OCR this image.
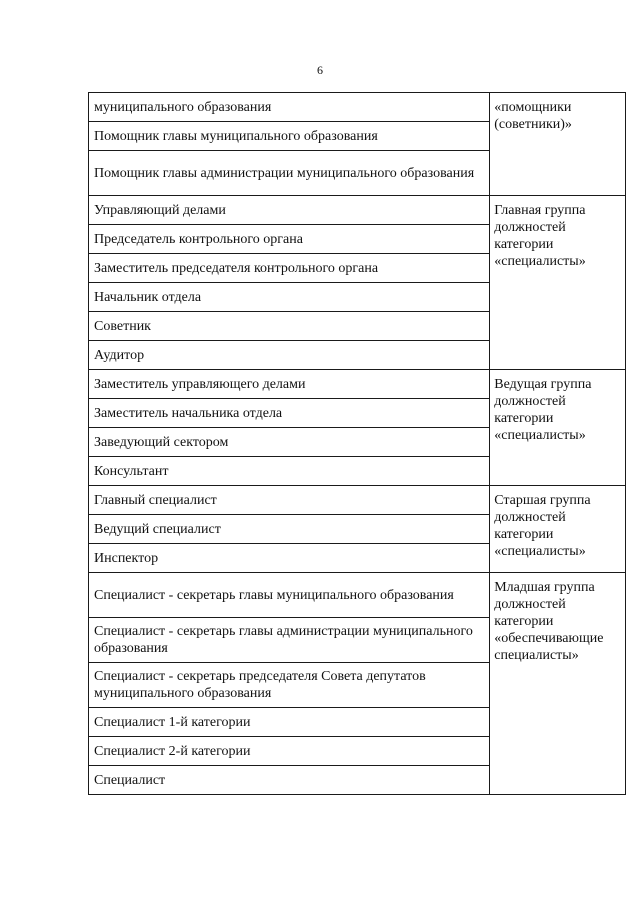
6
муниципального образования	«помощники (советники)»
Помощник главы муниципального образования	
Помощник главы администрации муниципального образования	
Управляющий делами	Главная группа должностей категории «специалисты»
Председатель контрольного органа	
Заместитель председателя контрольного органа	
Начальник отдела	
Советник	
Аудитор	
Заместитель управляющего делами	Ведущая группа должностей категории «специалисты»
Заместитель начальника отдела	
Заведующий сектором	
Консультант	
Главный специалист	Старшая группа должностей категории «специалисты»
Ведущий специалист	
Инспектор	
Специалист - секретарь главы муниципального образования	Младшая группа должностей категории «обеспечивающие специалисты»
Специалист - секретарь главы администрации муниципального образования	
Специалист - секретарь председателя Совета депутатов муниципального образования	
Специалист 1-й категории	
Специалист 2-й категории	
Специалист	
